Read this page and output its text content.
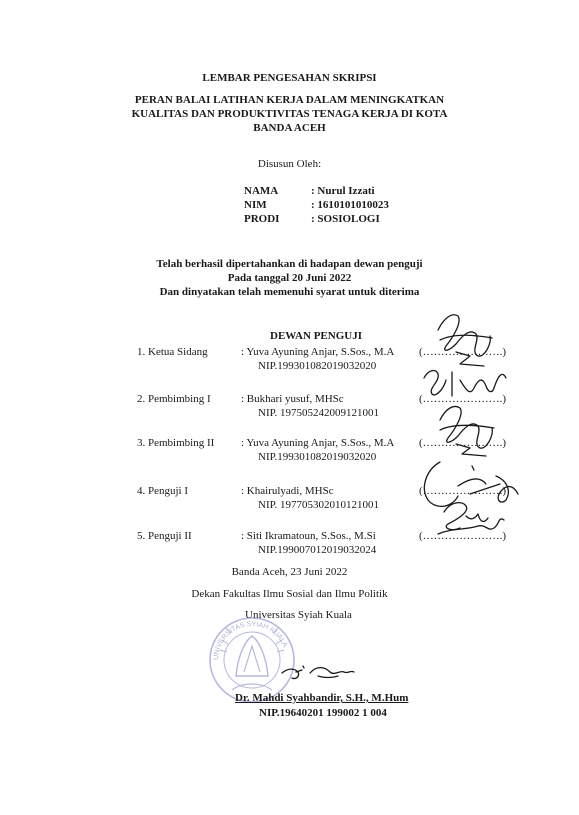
LEMBAR PENGESAHAN SKRIPSI
PERAN BALAI LATIHAN KERJA DALAM MENINGKATKAN
KUALITAS DAN PRODUKTIVITAS TENAGA KERJA DI KOTA
BANDA ACEH
Disusun Oleh:
NAMA	: Nurul Izzati
NIM	: 1610101010023
PRODI	: SOSIOLOGI
Telah berhasil dipertahankan di hadapan dewan penguji
Pada tanggal 20 Juni 2022
Dan dinyatakan telah memenuhi syarat untuk diterima
DEWAN PENGUJI
1. Ketua Sidang	: Yuva Ayuning Anjar, S.Sos., M.A
NIP.199301082019032020
(………………….)
2. Pembimbing I	: Bukhari yusuf, MHSc
NIP. 197505242009121001
(………………….)
3. Pembimbing II : Yuva Ayuning Anjar, S.Sos., M.A
NIP.199301082019032020
(………………….)
4. Penguji I	: Khairulyadi, MHSc
NIP. 197705302010121001
(………………….)
5. Penguji II	: Siti Ikramatoun, S.Sos., M.Si
NIP.199007012019032024
(………………….)
Banda Aceh, 23 Juni 2022
Dekan Fakultas Ilmu Sosial dan Ilmu Politik
Universitas Syiah Kuala
UNIVERSITAS SYIAH KUALA
Dr. Mahdi Syahbandir, S.H., M.Hum
NIP.19640201 199002 1 004
